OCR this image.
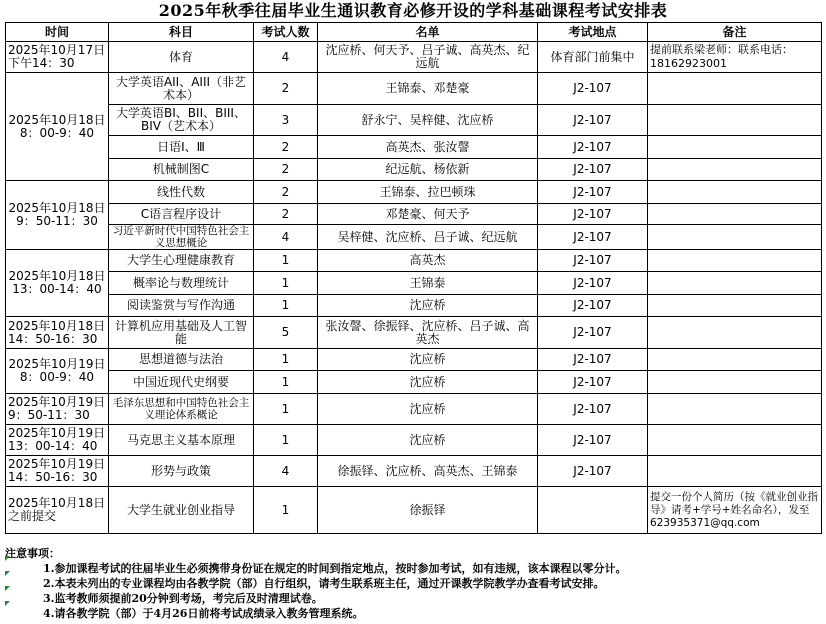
2025年秋季往届毕业生通识教育必修开设的学科基础课程考试安排表
时间	科目	考试人数	名单	考试地点	备注
2025年10月17日下午14：30	体育	4	沈应桥、何天予、吕子诚、高英杰、纪远航	体育部门前集中	提前联系梁老师：联系电话：18162923001
2025年10月18日8：00-9：40	大学英语AII、AIII（非艺术本）	2	王锦泰、邓楚豪	J2-107	
	大学英语BI、BII、BIII、BIV（艺术本）	3	舒永宁、吴梓健、沈应桥	J2-107	
	日语Ⅰ、Ⅲ	2	高英杰、张汝謦	J2-107	
	机械制图C	2	纪远航、杨依新	J2-107	
2025年10月18日9：50-11：30	线性代数	2	王锦泰、拉巴顿珠	J2-107	
	C语言程序设计	2	邓楚豪、何天予	J2-107	
	习近平新时代中国特色社会主义思想概论	4	吴梓健、沈应桥、吕子诚、纪远航	J2-107	
2025年10月18日13：00-14：40	大学生心理健康教育	1	高英杰	J2-107	
	概率论与数理统计	1	王锦泰	J2-107	
	阅读鉴赏与写作沟通	1	沈应桥	J2-107	
2025年10月18日14：50-16：30	计算机应用基础及人工智能	5	张汝謦、徐振铎、沈应桥、吕子诚、高英杰	J2-107	
2025年10月19日8：00-9：40	思想道德与法治	1	沈应桥	J2-107	
	中国近现代史纲要	1	沈应桥	J2-107	
2025年10月19日9：50-11：30	毛泽东思想和中国特色社会主义理论体系概论	1	沈应桥	J2-107	
2025年10月19日13：00-14：40	马克思主义基本原理	1	沈应桥	J2-107	
2025年10月19日14：50-16：30	形势与政策	4	徐振铎、沈应桥、高英杰、王锦泰	J2-107	
2025年10月18日之前提交	大学生就业创业指导	1	徐振铎		提交一份个人简历（按《就业创业指导》请考+学号+姓名命名），发至623935371@qq.com
注意事项：
1.参加课程考试的往届毕业生必须携带身份证在规定的时间到指定地点，按时参加考试，如有违规，该本课程以零分计。
2.本表未列出的专业课程均由各教学院（部）自行组织，请考生联系班主任，通过开课教学院教学办查看考试安排。
3.监考教师须提前20分钟到考场，考完后及时清理试卷。
4.请各教学院（部）于4月26日前将考试成绩录入教务管理系统。
